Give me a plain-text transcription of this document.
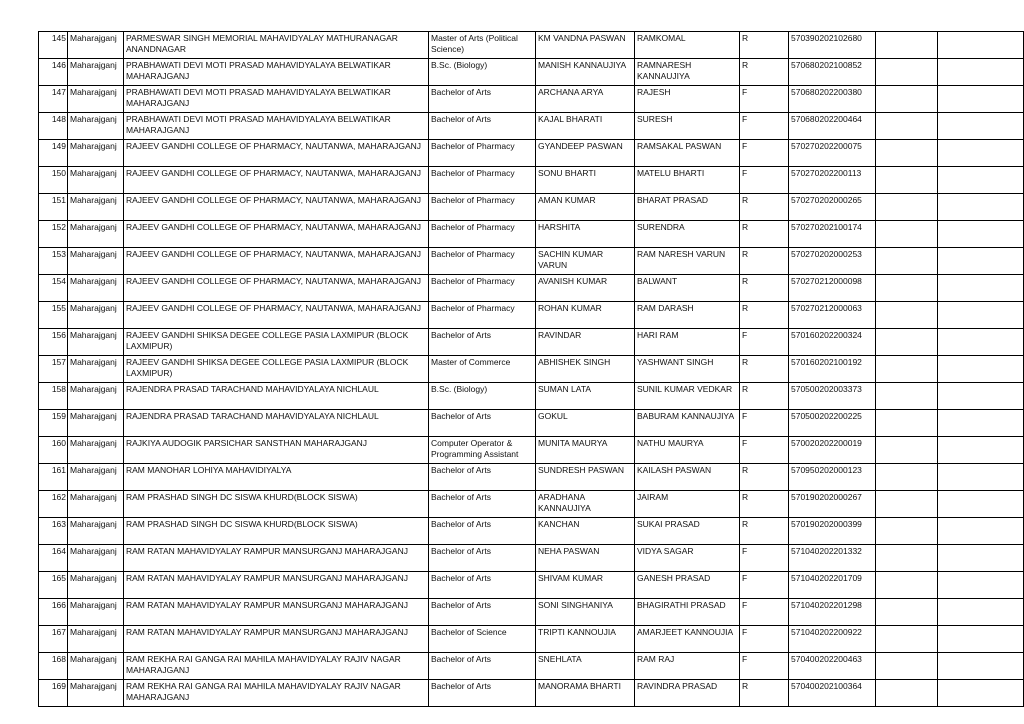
145	Maharajganj	PARMESWAR SINGH MEMORIAL MAHAVIDYALAY MATHURANAGAR ANANDNAGAR	Master of Arts (Political Science)	KM VANDNA PASWAN	RAMKOMAL	R	570390202102680		
146	Maharajganj	PRABHAWATI DEVI MOTI PRASAD MAHAVIDYALAYA BELWATIKAR MAHARAJGANJ	B.Sc. (Biology)	MANISH KANNAUJIYA	RAMNARESH KANNAUJIYA	R	570680202100852		
147	Maharajganj	PRABHAWATI DEVI MOTI PRASAD MAHAVIDYALAYA BELWATIKAR MAHARAJGANJ	Bachelor of Arts	ARCHANA ARYA	RAJESH	F	570680202200380		
148	Maharajganj	PRABHAWATI DEVI MOTI PRASAD MAHAVIDYALAYA BELWATIKAR MAHARAJGANJ	Bachelor of Arts	KAJAL BHARATI	SURESH	F	570680202200464		
149	Maharajganj	RAJEEV GANDHI COLLEGE OF PHARMACY, NAUTANWA, MAHARAJGANJ	Bachelor of Pharmacy	GYANDEEP PASWAN	RAMSAKAL PASWAN	F	570270202200075		
150	Maharajganj	RAJEEV GANDHI COLLEGE OF PHARMACY, NAUTANWA, MAHARAJGANJ	Bachelor of Pharmacy	SONU BHARTI	MATELU BHARTI	F	570270202200113		
151	Maharajganj	RAJEEV GANDHI COLLEGE OF PHARMACY, NAUTANWA, MAHARAJGANJ	Bachelor of Pharmacy	AMAN KUMAR	BHARAT PRASAD	R	570270202000265		
152	Maharajganj	RAJEEV GANDHI COLLEGE OF PHARMACY, NAUTANWA, MAHARAJGANJ	Bachelor of Pharmacy	HARSHITA	SURENDRA	R	570270202100174		
153	Maharajganj	RAJEEV GANDHI COLLEGE OF PHARMACY, NAUTANWA, MAHARAJGANJ	Bachelor of Pharmacy	SACHIN KUMAR VARUN	RAM NARESH VARUN	R	570270202000253		
154	Maharajganj	RAJEEV GANDHI COLLEGE OF PHARMACY, NAUTANWA, MAHARAJGANJ	Bachelor of Pharmacy	AVANISH KUMAR	BALWANT	R	570270212000098		
155	Maharajganj	RAJEEV GANDHI COLLEGE OF PHARMACY, NAUTANWA, MAHARAJGANJ	Bachelor of Pharmacy	ROHAN KUMAR	RAM DARASH	R	570270212000063		
156	Maharajganj	RAJEEV GANDHI SHIKSA DEGEE COLLEGE PASIA LAXMIPUR (BLOCK LAXMIPUR)	Bachelor of Arts	RAVINDAR	HARI RAM	F	570160202200324		
157	Maharajganj	RAJEEV GANDHI SHIKSA DEGEE COLLEGE PASIA LAXMIPUR (BLOCK LAXMIPUR)	Master of Commerce	ABHISHEK SINGH	YASHWANT SINGH	R	570160202100192		
158	Maharajganj	RAJENDRA PRASAD TARACHAND MAHAVIDYALAYA NICHLAUL	B.Sc. (Biology)	SUMAN LATA	SUNIL KUMAR VEDKAR	R	570500202003373		
159	Maharajganj	RAJENDRA PRASAD TARACHAND MAHAVIDYALAYA NICHLAUL	Bachelor of Arts	GOKUL	BABURAM KANNAUJIYA	F	570500202200225		
160	Maharajganj	RAJKIYA AUDOGIK PARSICHAR SANSTHAN MAHARAJGANJ	Computer Operator & Programming Assistant	MUNITA MAURYA	NATHU MAURYA	F	570020202200019		
161	Maharajganj	RAM MANOHAR LOHIYA MAHAVIDIYALYA	Bachelor of Arts	SUNDRESH PASWAN	KAILASH PASWAN	R	570950202000123		
162	Maharajganj	RAM PRASHAD SINGH DC SISWA KHURD(BLOCK SISWA)	Bachelor of Arts	ARADHANA KANNAUJIYA	JAIRAM	R	570190202000267		
163	Maharajganj	RAM PRASHAD SINGH DC SISWA KHURD(BLOCK SISWA)	Bachelor of Arts	KANCHAN	SUKAI PRASAD	R	570190202000399		
164	Maharajganj	RAM RATAN MAHAVIDYALAY RAMPUR MANSURGANJ MAHARAJGANJ	Bachelor of Arts	NEHA PASWAN	VIDYA SAGAR	F	571040202201332		
165	Maharajganj	RAM RATAN MAHAVIDYALAY RAMPUR MANSURGANJ MAHARAJGANJ	Bachelor of Arts	SHIVAM KUMAR	GANESH PRASAD	F	571040202201709		
166	Maharajganj	RAM RATAN MAHAVIDYALAY RAMPUR MANSURGANJ MAHARAJGANJ	Bachelor of Arts	SONI SINGHANIYA	BHAGIRATHI PRASAD	F	571040202201298		
167	Maharajganj	RAM RATAN MAHAVIDYALAY RAMPUR MANSURGANJ MAHARAJGANJ	Bachelor of Science	TRIPTI KANNOUJIA	AMARJEET KANNOUJIA	F	571040202200922		
168	Maharajganj	RAM REKHA RAI GANGA RAI MAHILA MAHAVIDYALAY RAJIV NAGAR MAHARAJGANJ	Bachelor of Arts	SNEHLATA	RAM RAJ	F	570400202200463		
169	Maharajganj	RAM REKHA RAI GANGA RAI MAHILA MAHAVIDYALAY RAJIV NAGAR MAHARAJGANJ	Bachelor of Arts	MANORAMA BHARTI	RAVINDRA PRASAD	R	570400202100364		
